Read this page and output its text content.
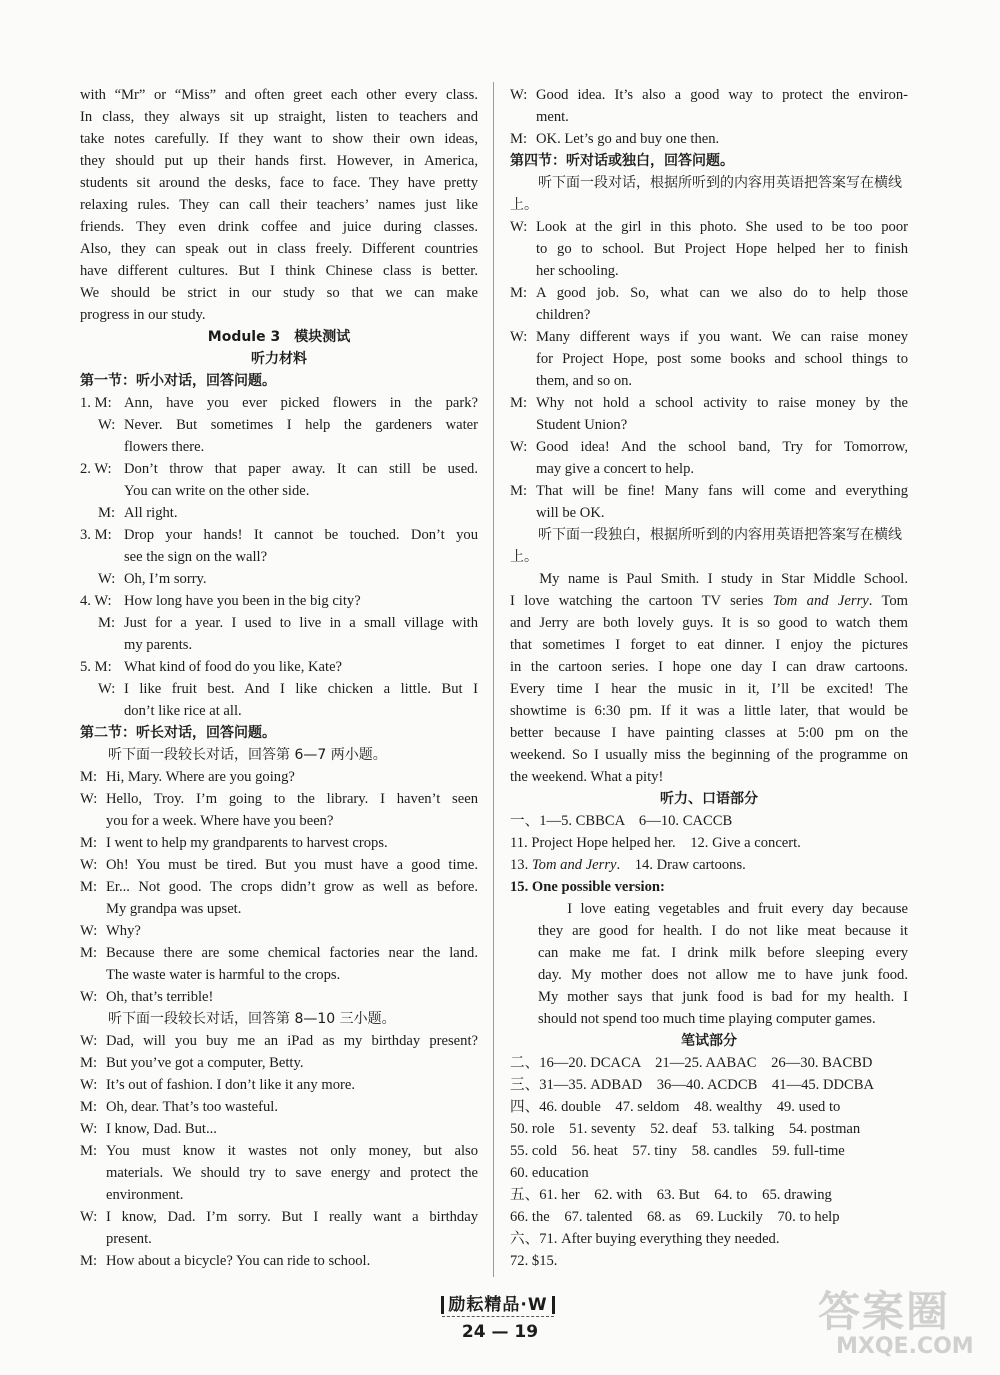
with “Mr” or “Miss” and often greet each other every class.

In class, they always sit up straight, listen to teachers and

take notes carefully. If they want to show their own ideas,

they should put up their hands first. However, in America,

students sit around the desks, face to face. They have pretty

relaxing rules. They can call their teachers’ names just like

friends. They even drink coffee and juice during classes.

Also, they can speak out in class freely. Different countries

have different cultures. But I think Chinese class is better.

We should be strict in our study so that we can make

progress in our study.

Module 3　模块测试

听力材料

第一节：听小对话，回答问题。

1. M: Ann, have you ever picked flowers in the park?
W: Never. But sometimes I help the gardeners water

flowers there.

2. W: Don’t throw that paper away. It can still be used.

You can write on the other side.

M: All right.
3. M: Drop your hands! It cannot be touched. Don’t you

see the sign on the wall?

W: Oh, I’m sorry.
4. W: How long have you been in the big city?
M: Just for a year. I used to live in a small village with

my parents.

5. M: What kind of food do you like, Kate?
W: I like fruit best. And I like chicken a little. But I

don’t like rice at all.

第二节：听长对话，回答问题。

听下面一段较长对话，回答第 6—7 两小题。

M: Hi, Mary. Where are you going?
W: Hello, Troy. I’m going to the library. I haven’t seen

you for a week. Where have you been?

M: I went to help my grandparents to harvest crops.
W: Oh! You must be tired. But you must have a good time.
M: Er... Not good. The crops didn’t grow as well as before.

My grandpa was upset.

W: Why?
M: Because there are some chemical factories near the land.

The waste water is harmful to the crops.

W: Oh, that’s terrible!

听下面一段较长对话，回答第 8—10 三小题。

W: Dad, will you buy me an iPad as my birthday present?
M: But you’ve got a computer, Betty.
W: It’s out of fashion. I don’t like it any more.
M: Oh, dear. That’s too wasteful.
W: I know, Dad. But...
M: You must know it wastes not only money, but also

materials. We should try to save energy and protect the

environment.

W: I know, Dad. I’m sorry. But I really want a birthday

present.

M: How about a bicycle? You can ride to school.
W: Good idea. It’s also a good way to protect the environ-

ment.

M: OK. Let’s go and buy one then.

第四节：听对话或独白，回答问题。

听下面一段对话，根据所听到的内容用英语把答案写在横线上。

W: Look at the girl in this photo. She used to be too poor

to go to school. But Project Hope helped her to finish

her schooling.

M: A good job. So, what can we also do to help those

children?

W: Many different ways if you want. We can raise money

for Project Hope, post some books and school things to

them, and so on.

M: Why not hold a school activity to raise money by the

Student Union?

W: Good idea! And the school band, Try for Tomorrow,

may give a concert to help.

M: That will be fine! Many fans will come and everything

will be OK.

听下面一段独白，根据所听到的内容用英语把答案写在横线上。

My name is Paul Smith. I study in Star Middle School.

I love watching the cartoon TV series Tom and Jerry. Tom

and Jerry are both lovely guys. It is so good to watch them

that sometimes I forget to eat dinner. I enjoy the pictures

in the cartoon series. I hope one day I can draw cartoons.

Every time I hear the music in it, I’ll be excited! The

showtime is 6:30 pm. If it was a little later, that would be

better because I have painting classes at 5:00 pm on the

weekend. So I usually miss the beginning of the programme on

the weekend. What a pity!

听力、口语部分

一、1—5. CBBCA　6—10. CACCB

11. Project Hope helped her.　12. Give a concert.

13. Tom and Jerry.　14. Draw cartoons.

15. One possible version:

I love eating vegetables and fruit every day because

they are good for health. I do not like meat because it

can make me fat. I drink milk before sleeping every

day. My mother does not allow me to have junk food.

My mother says that junk food is bad for my health. I

should not spend too much time playing computer games.

笔试部分

二、16—20. DCACA　21—25. AABAC　26—30. BACBD

三、31—35. ADBAD　36—40. ACDCB　41—45. DDCBA

四、46. double　47. seldom　48. wealthy　49. used to

50. role　51. seventy　52. deaf　53. talking　54. postman

55. cold　56. heat　57. tiny　58. candles　59. full-time

60. education

五、61. her　62. with　63. But　64. to　65. drawing

66. the　67. talented　68. as　69. Luckily　70. to help

六、71. After buying everything they needed.

72. $15.

励耘精品·W
24 — 19	答案圈
MXQE.COM
